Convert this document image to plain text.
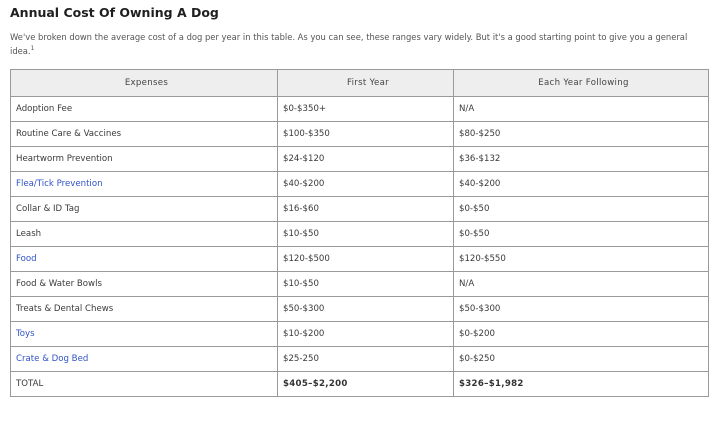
Annual Cost Of Owning A Dog

We've broken down the average cost of a dog per year in this table. As you can see, these ranges vary widely. But it's a good starting point to give you a general idea.$^1$

Expenses	First Year	Each Year Following
Adoption Fee	$0-$350+	N/A
Routine Care & Vaccines	$100-$350	$80-$250
Heartworm Prevention	$24-$120	$36-$132
Flea/Tick Prevention	$40-$200	$40-$200
Collar & ID Tag	$16-$60	$0-$50
Leash	$10-$50	$0-$50
Food	$120-$500	$120-$550
Food & Water Bowls	$10-$50	N/A
Treats & Dental Chews	$50-$300	$50-$300
Toys	$10-$200	$0-$200
Crate & Dog Bed	$25-250	$0-$250
TOTAL	$405–$2,200	$326–$1,982
